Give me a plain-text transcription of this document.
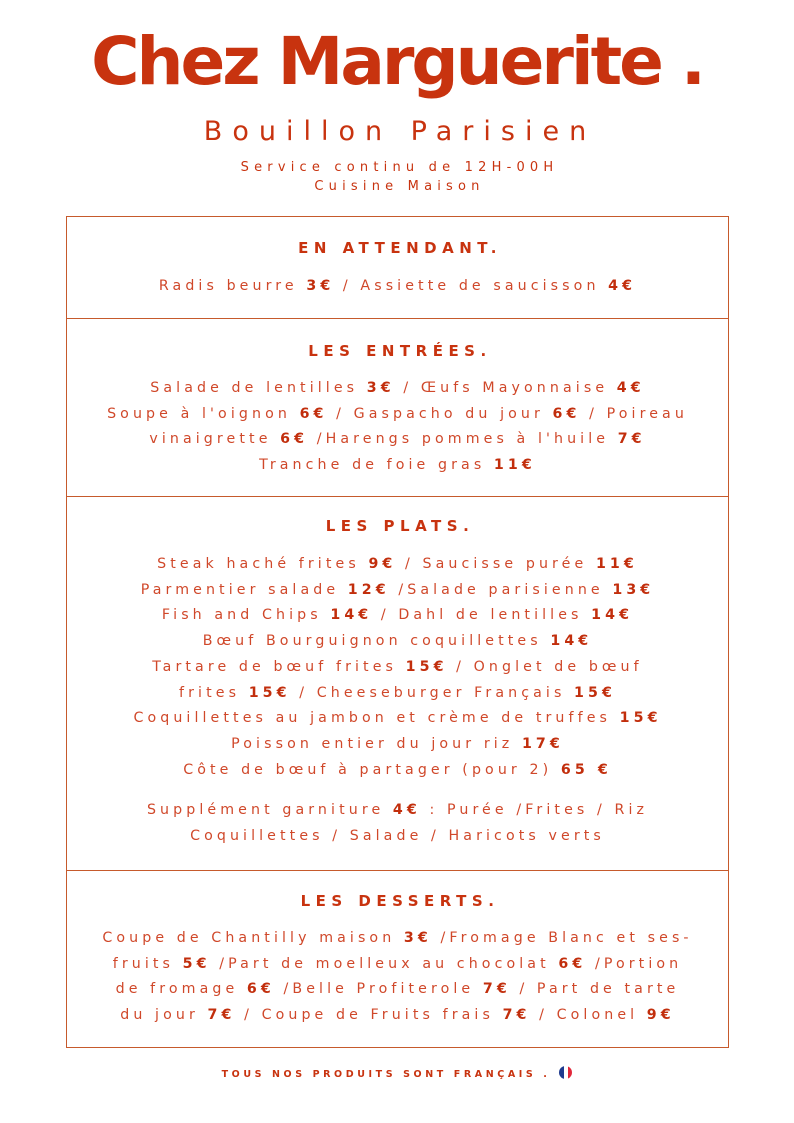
Chez Marguerite .
Bouillon Parisien
Service continu de 12H-00H
Cuisine Maison
EN ATTENDANT.
Radis beurre 3€ / Assiette de saucisson 4€
LES ENTRÉES.
Salade de lentilles 3€ / Œufs Mayonnaise 4€
Soupe à l'oignon 6€ / Gaspacho du jour 6€ / Poireau
vinaigrette 6€ /Harengs pommes à l'huile 7€
Tranche de foie gras 11€
LES PLATS.
Steak haché frites 9€ / Saucisse purée 11€
Parmentier salade 12€ /Salade parisienne 13€
Fish and Chips 14€ / Dahl de lentilles 14€
Bœuf Bourguignon coquillettes 14€
Tartare de bœuf frites 15€ / Onglet de bœuf
frites 15€ / Cheeseburger Français 15€
Coquillettes au jambon et crème de truffes 15€
Poisson entier du jour riz 17€
Côte de bœuf à partager (pour 2) 65 €
Supplément garniture 4€ : Purée /Frites / Riz
Coquillettes / Salade / Haricots verts
LES DESSERTS.
Coupe de Chantilly maison 3€ /Fromage Blanc et ses-
fruits 5€ /Part de moelleux au chocolat 6€ /Portion
de fromage 6€ /Belle Profiterole 7€ / Part de tarte
du jour 7€ / Coupe de Fruits frais 7€ / Colonel 9€
TOUS NOS PRODUITS SONT FRANÇAIS .
